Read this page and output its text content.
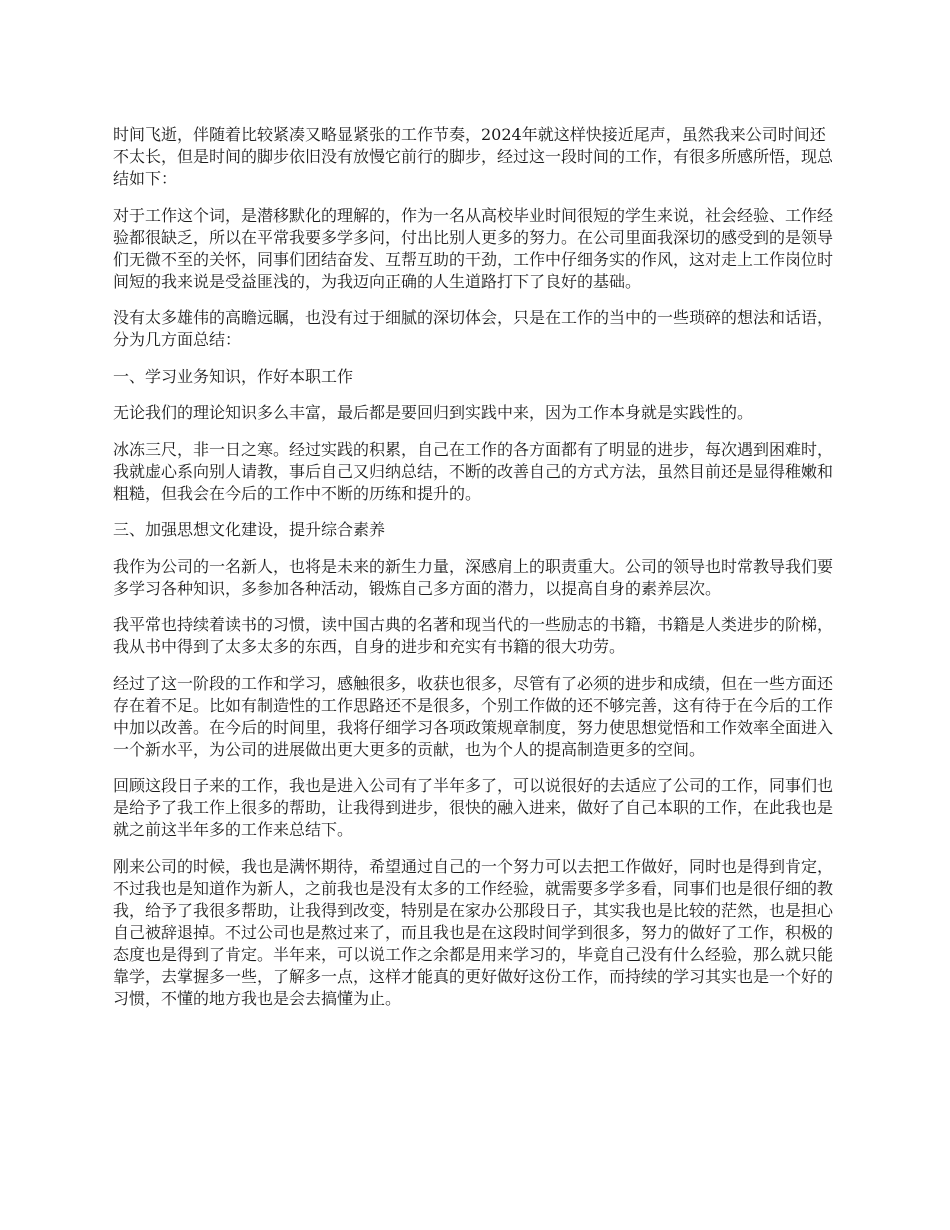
时间飞逝，伴随着比较紧凑又略显紧张的工作节奏，2024年就这样快接近尾声，虽然我来公司时间还不太长，但是时间的脚步依旧没有放慢它前行的脚步，经过这一段时间的工作，有很多所感所悟，现总结如下：

对于工作这个词，是潜移默化的理解的，作为一名从高校毕业时间很短的学生来说，社会经验、工作经验都很缺乏，所以在平常我要多学多问，付出比别人更多的努力。在公司里面我深切的感受到的是领导们无微不至的关怀，同事们团结奋发、互帮互助的干劲，工作中仔细务实的作风，这对走上工作岗位时间短的我来说是受益匪浅的，为我迈向正确的人生道路打下了良好的基础。

没有太多雄伟的高瞻远瞩，也没有过于细腻的深切体会，只是在工作的当中的一些琐碎的想法和话语，分为几方面总结：

一、学习业务知识，作好本职工作

无论我们的理论知识多么丰富，最后都是要回归到实践中来，因为工作本身就是实践性的。

冰冻三尺，非一日之寒。经过实践的积累，自己在工作的各方面都有了明显的进步，每次遇到困难时，我就虚心系向别人请教，事后自己又归纳总结，不断的改善自己的方式方法，虽然目前还是显得稚嫩和粗糙，但我会在今后的工作中不断的历练和提升的。

三、加强思想文化建设，提升综合素养

我作为公司的一名新人，也将是未来的新生力量，深感肩上的职责重大。公司的领导也时常教导我们要多学习各种知识，多参加各种活动，锻炼自己多方面的潜力，以提高自身的素养层次。

我平常也持续着读书的习惯，读中国古典的名著和现当代的一些励志的书籍，书籍是人类进步的阶梯，我从书中得到了太多太多的东西，自身的进步和充实有书籍的很大功劳。

经过了这一阶段的工作和学习，感触很多，收获也很多，尽管有了必须的进步和成绩，但在一些方面还存在着不足。比如有制造性的工作思路还不是很多，个别工作做的还不够完善，这有待于在今后的工作中加以改善。在今后的时间里，我将仔细学习各项政策规章制度，努力使思想觉悟和工作效率全面进入一个新水平，为公司的进展做出更大更多的贡献，也为个人的提高制造更多的空间。

回顾这段日子来的工作，我也是进入公司有了半年多了，可以说很好的去适应了公司的工作，同事们也是给予了我工作上很多的帮助，让我得到进步，很快的融入进来，做好了自己本职的工作，在此我也是就之前这半年多的工作来总结下。

刚来公司的时候，我也是满怀期待，希望通过自己的一个努力可以去把工作做好，同时也是得到肯定，不过我也是知道作为新人，之前我也是没有太多的工作经验，就需要多学多看，同事们也是很仔细的教我，给予了我很多帮助，让我得到改变，特别是在家办公那段日子，其实我也是比较的茫然，也是担心自己被辞退掉。不过公司也是熬过来了，而且我也是在这段时间学到很多，努力的做好了工作，积极的态度也是得到了肯定。半年来，可以说工作之余都是用来学习的，毕竟自己没有什么经验，那么就只能靠学，去掌握多一些，了解多一点，这样才能真的更好做好这份工作，而持续的学习其实也是一个好的习惯，不懂的地方我也是会去搞懂为止。
